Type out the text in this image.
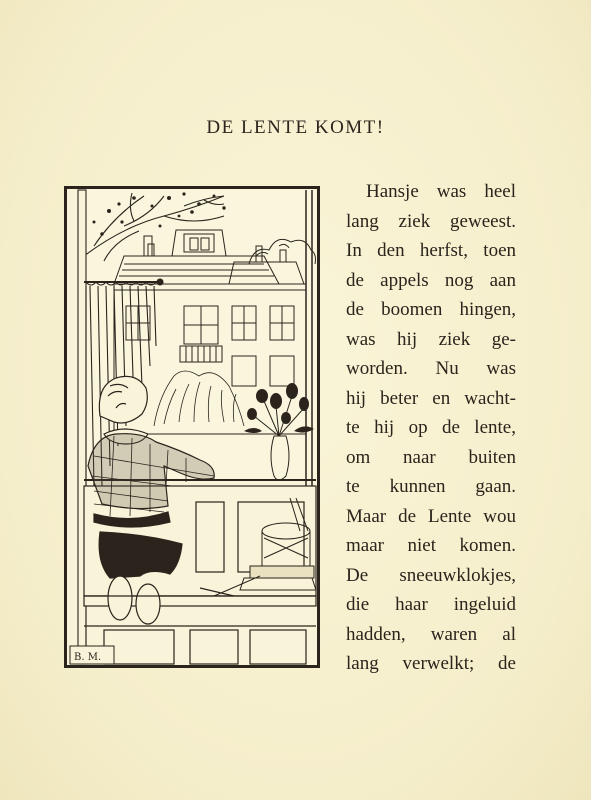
DE LENTE KOMT!
B. M.
Hansje was heel
lang ziek geweest.
In den herfst, toen
de appels nog aan
de boomen hingen,
was hij ziek ge-
worden. Nu was
hij beter en wacht-
te hij op de lente,
om naar buiten
te kunnen gaan.
Maar de Lente wou
maar niet komen.
De sneeuwklokjes,
die haar ingeluid
hadden, waren al
lang verwelkt; de
